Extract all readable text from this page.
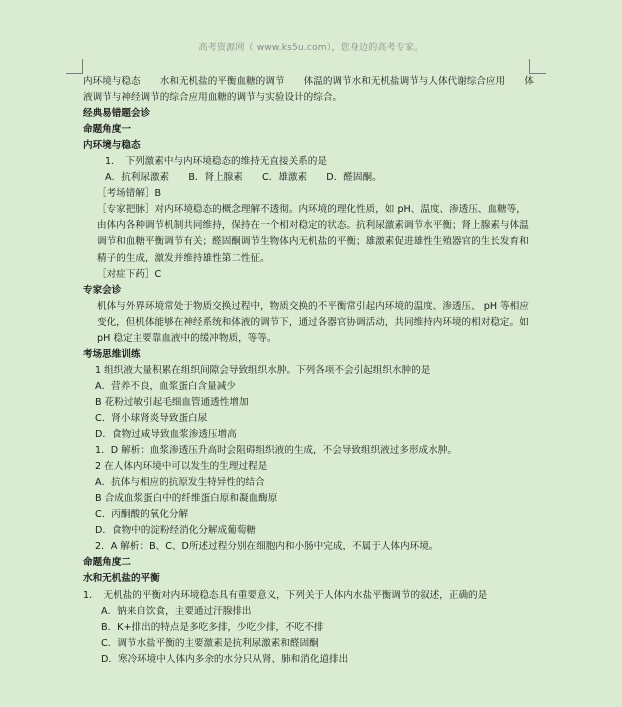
高考资源网（ www.ks5u.com），您身边的高考专家。

内环境与稳态　　水和无机盐的平衡血糖的调节　　体温的调节水和无机盐调节与人体代谢综合应用　　体液调节与神经调节的综合应用血糖的调节与实验设计的综合。

经典易错题会诊

命题角度一

内环境与稳态

1．　下列激素中与内环境稳态的维持无直接关系的是

A．抗利尿激素　　B．肾上腺素　　C．雄激素　　D．醛固酮。

［考场错解］B

［专家把脉］对内环境稳态的概念理解不透彻。内环境的理化性质，如 pH、温度、渗透压、血糖等，由体内各种调节机制共同维持，保持在一个相对稳定的状态。抗利尿激素调节水平衡；肾上腺素与体温调节和血糖平衡调节有关；醛固酮调节生物体内无机盐的平衡；雄激素促进雄性生殖器官的生长发育和精子的生成，激发并维持雄性第二性征。

［对症下药］C

专家会诊

机体与外界环境常处于物质交换过程中，物质交换的不平衡常引起内环境的温度、渗透压、 pH 等相应变化，但机体能够在神经系统和体液的调节下，通过各器官协调活动，共同维持内环境的相对稳定。如 pH 稳定主要靠血液中的缓冲物质，等等。

考场思维训练

1 组织液大量积累在组织间隙会导致组织水肿。下列各项不会引起组织水肿的是

A．营养不良，血浆蛋白含量减少

B 花粉过敏引起毛细血管通透性增加

C．肾小球肾炎导致蛋白尿

D．食物过咸导致血浆渗透压增高

1．D 解析：血浆渗透压升高时会阻碍组织液的生成，不会导致组织液过多形成水肿。

2 在人体内环境中可以发生的生理过程是

A．抗体与相应的抗原发生特异性的结合

B 合成血浆蛋白中的纤维蛋白原和凝血酶原

C．丙酮酸的氧化分解

D．食物中的淀粉经消化分解成葡萄糖

2．A 解析：B、C、D所述过程分别在细胞内和小肠中完成，不属于人体内环境。

命题角度二

水和无机盐的平衡

1．　无机盐的平衡对内环境稳态具有重要意义，下列关于人体内水盐平衡调节的叙述，正确的是

A．钠来自饮食，主要通过汗腺排出

B．K+排出的特点是多吃多排，少吃少排，不吃不排

C．调节水盐平衡的主要激素是抗利尿激素和醛固酮

D．寒冷环境中人体内多余的水分只从肾、肺和消化道排出
